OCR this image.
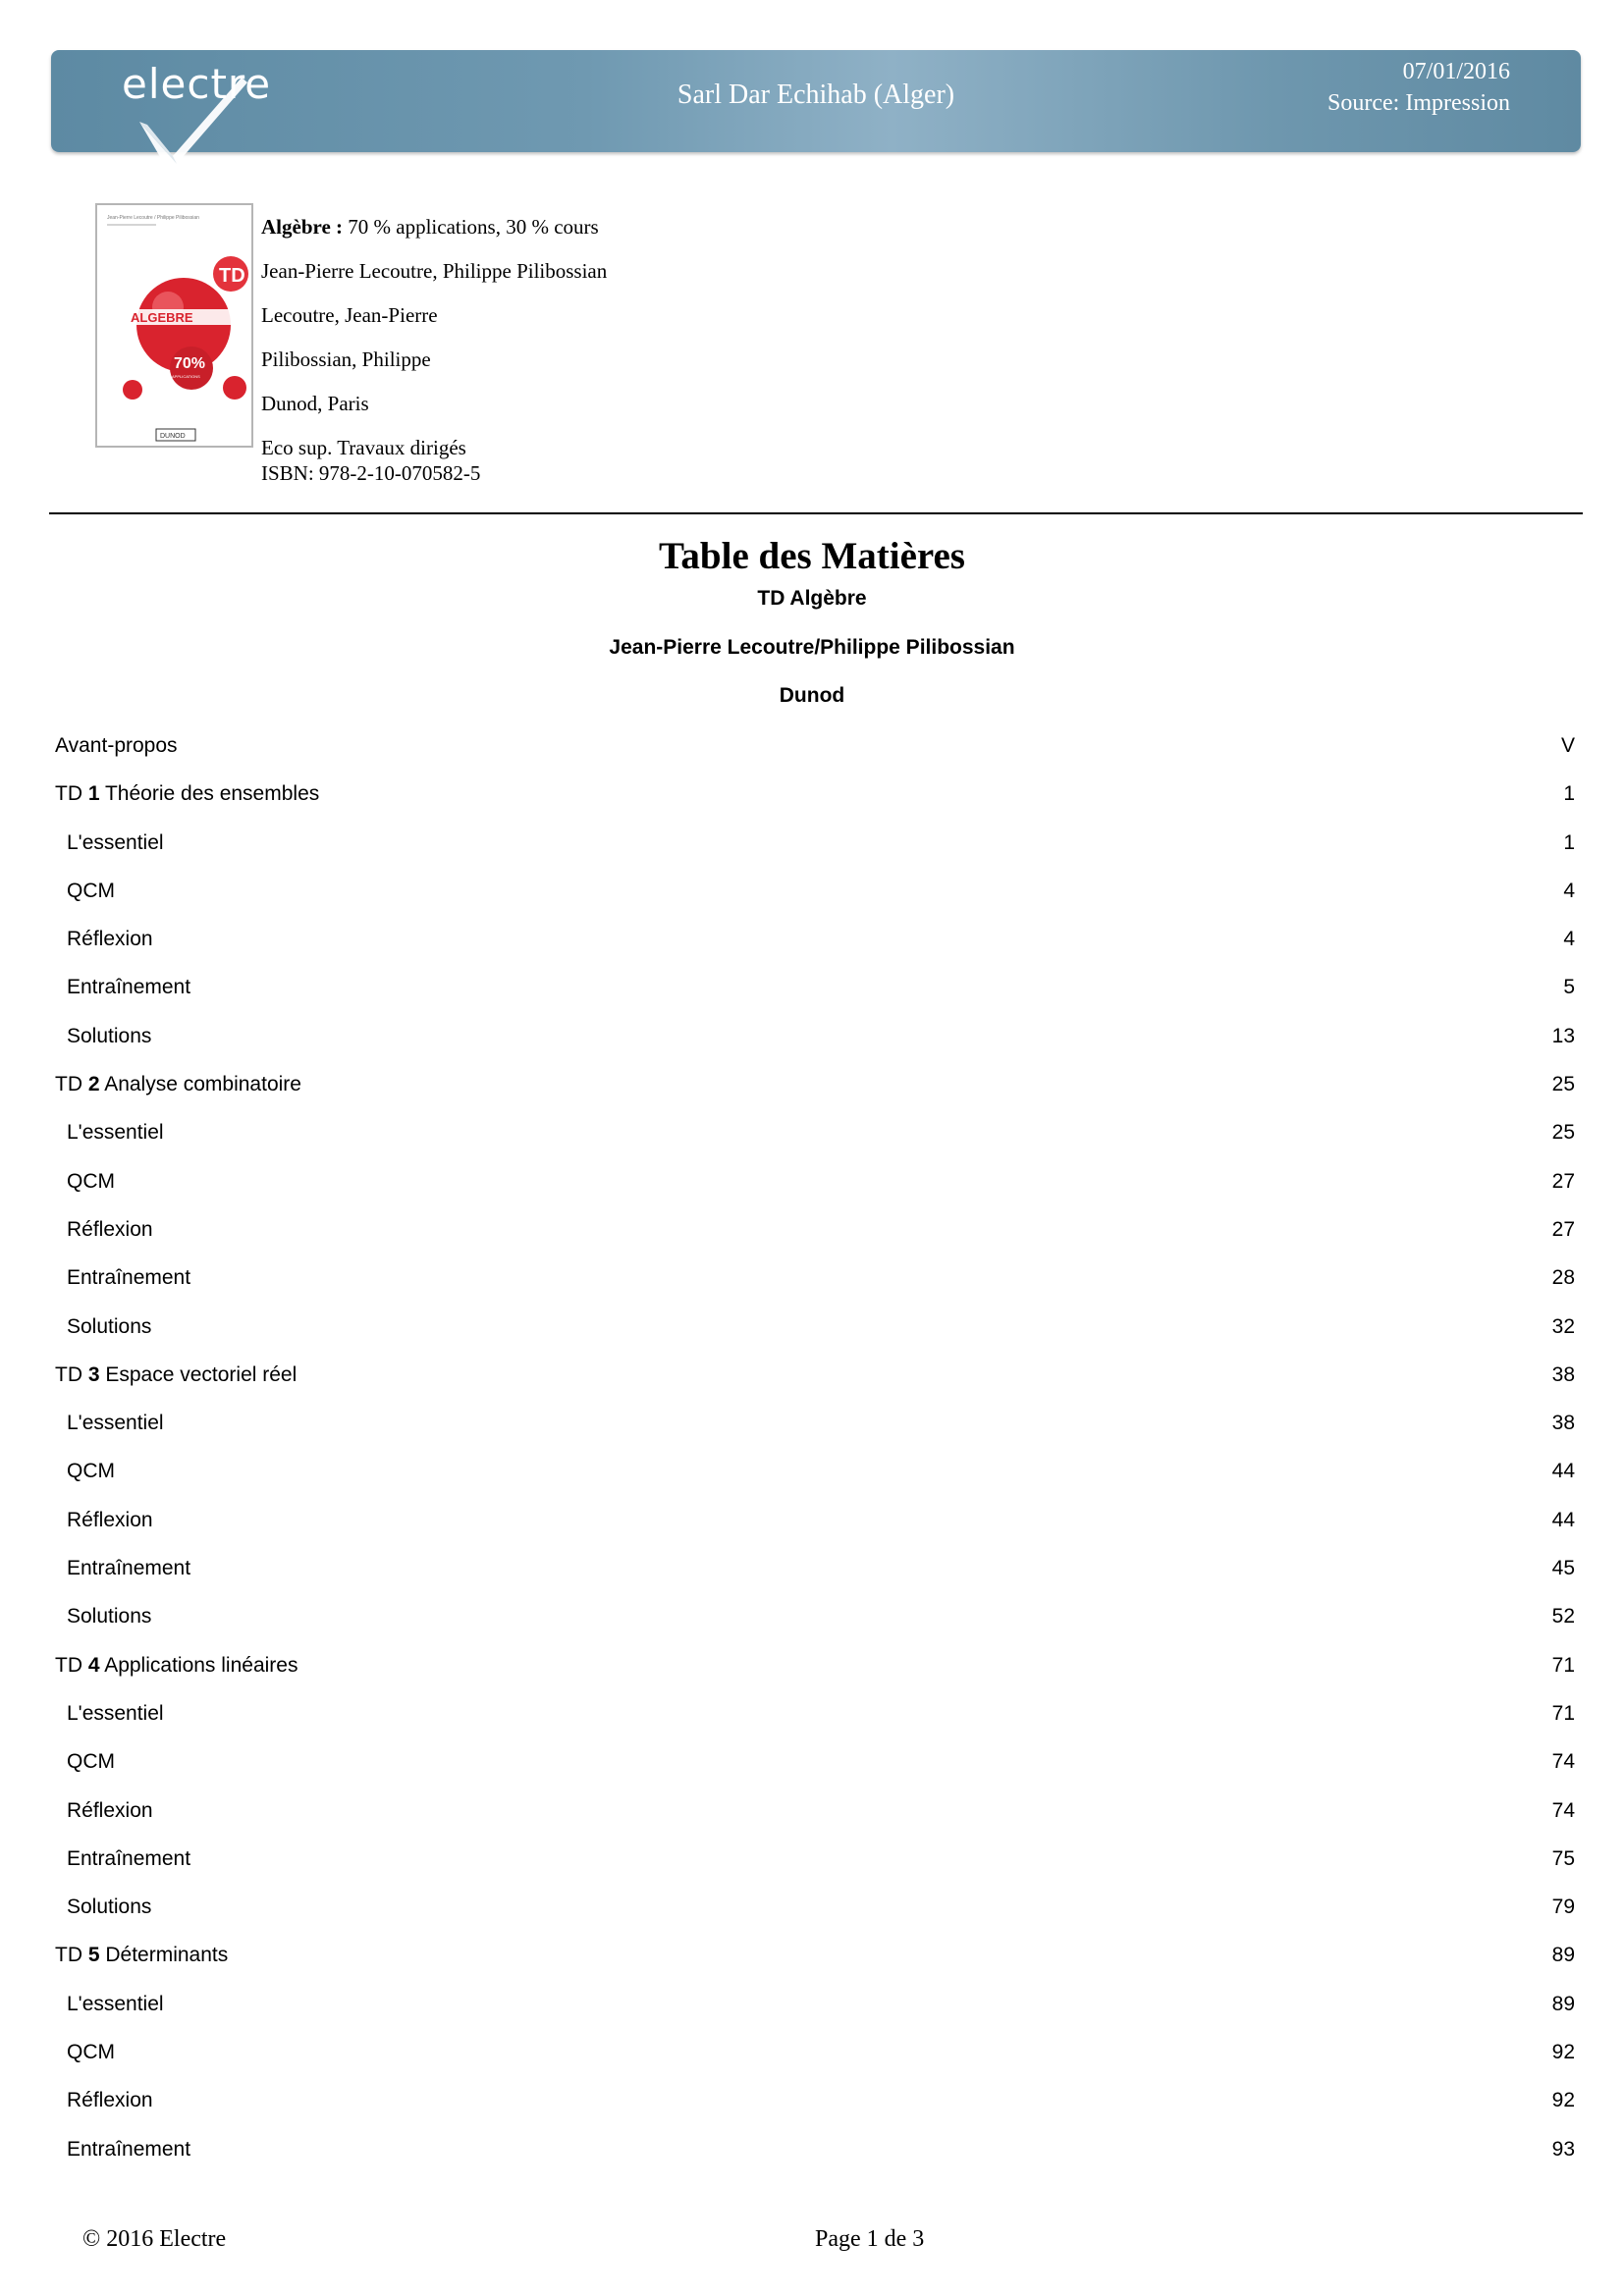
electre	Sarl Dar Echihab (Alger)
07/01/2016
Source: Impression
Jean-Pierre Lecoutre / Philippe Pilibossian
TD
ALGEBRE
70%
APPLICATIONS
DUNOD
Algèbre : 70 % applications, 30 % cours
Jean-Pierre Lecoutre, Philippe Pilibossian
Lecoutre, Jean-Pierre
Pilibossian, Philippe
Dunod, Paris
Eco sup. Travaux dirigés
ISBN: 978-2-10-070582-5
Table des Matières
TD Algèbre
Jean-Pierre Lecoutre/Philippe Pilibossian
Dunod
Avant-propos	V
TD 1 Théorie des ensembles	1
L'essentiel	1
QCM	4
Réflexion	4
Entraînement	5
Solutions	13
TD 2 Analyse combinatoire	25
L'essentiel	25
QCM	27
Réflexion	27
Entraînement	28
Solutions	32
TD 3 Espace vectoriel réel	38
L'essentiel	38
QCM	44
Réflexion	44
Entraînement	45
Solutions	52
TD 4 Applications linéaires	71
L'essentiel	71
QCM	74
Réflexion	74
Entraînement	75
Solutions	79
TD 5 Déterminants	89
L'essentiel	89
QCM	92
Réflexion	92
Entraînement	93
© 2016 Electre	Page 1 de 3
